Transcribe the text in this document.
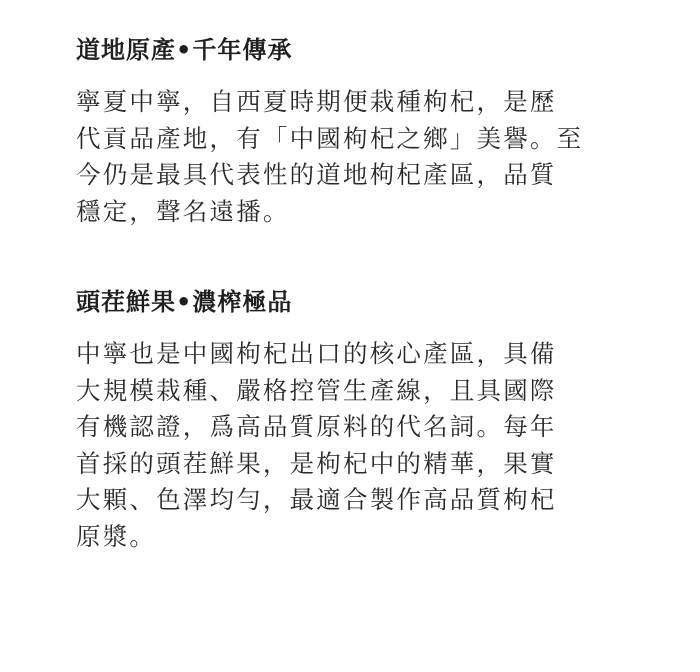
道地原產•千年傳承

寧夏中寧，自西夏時期便栽種枸杞，是歷
代貢品產地，有「中國枸杞之鄉」美譽。至
今仍是最具代表性的道地枸杞產區，品質
穩定，聲名遠播。

頭茬鮮果•濃榨極品

中寧也是中國枸杞出口的核心產區，具備
大規模栽種、嚴格控管生產線，且具國際
有機認證，爲高品質原料的代名詞。每年
首採的頭茬鮮果，是枸杞中的精華，果實
大顆、色澤均勻，最適合製作高品質枸杞
原漿。
